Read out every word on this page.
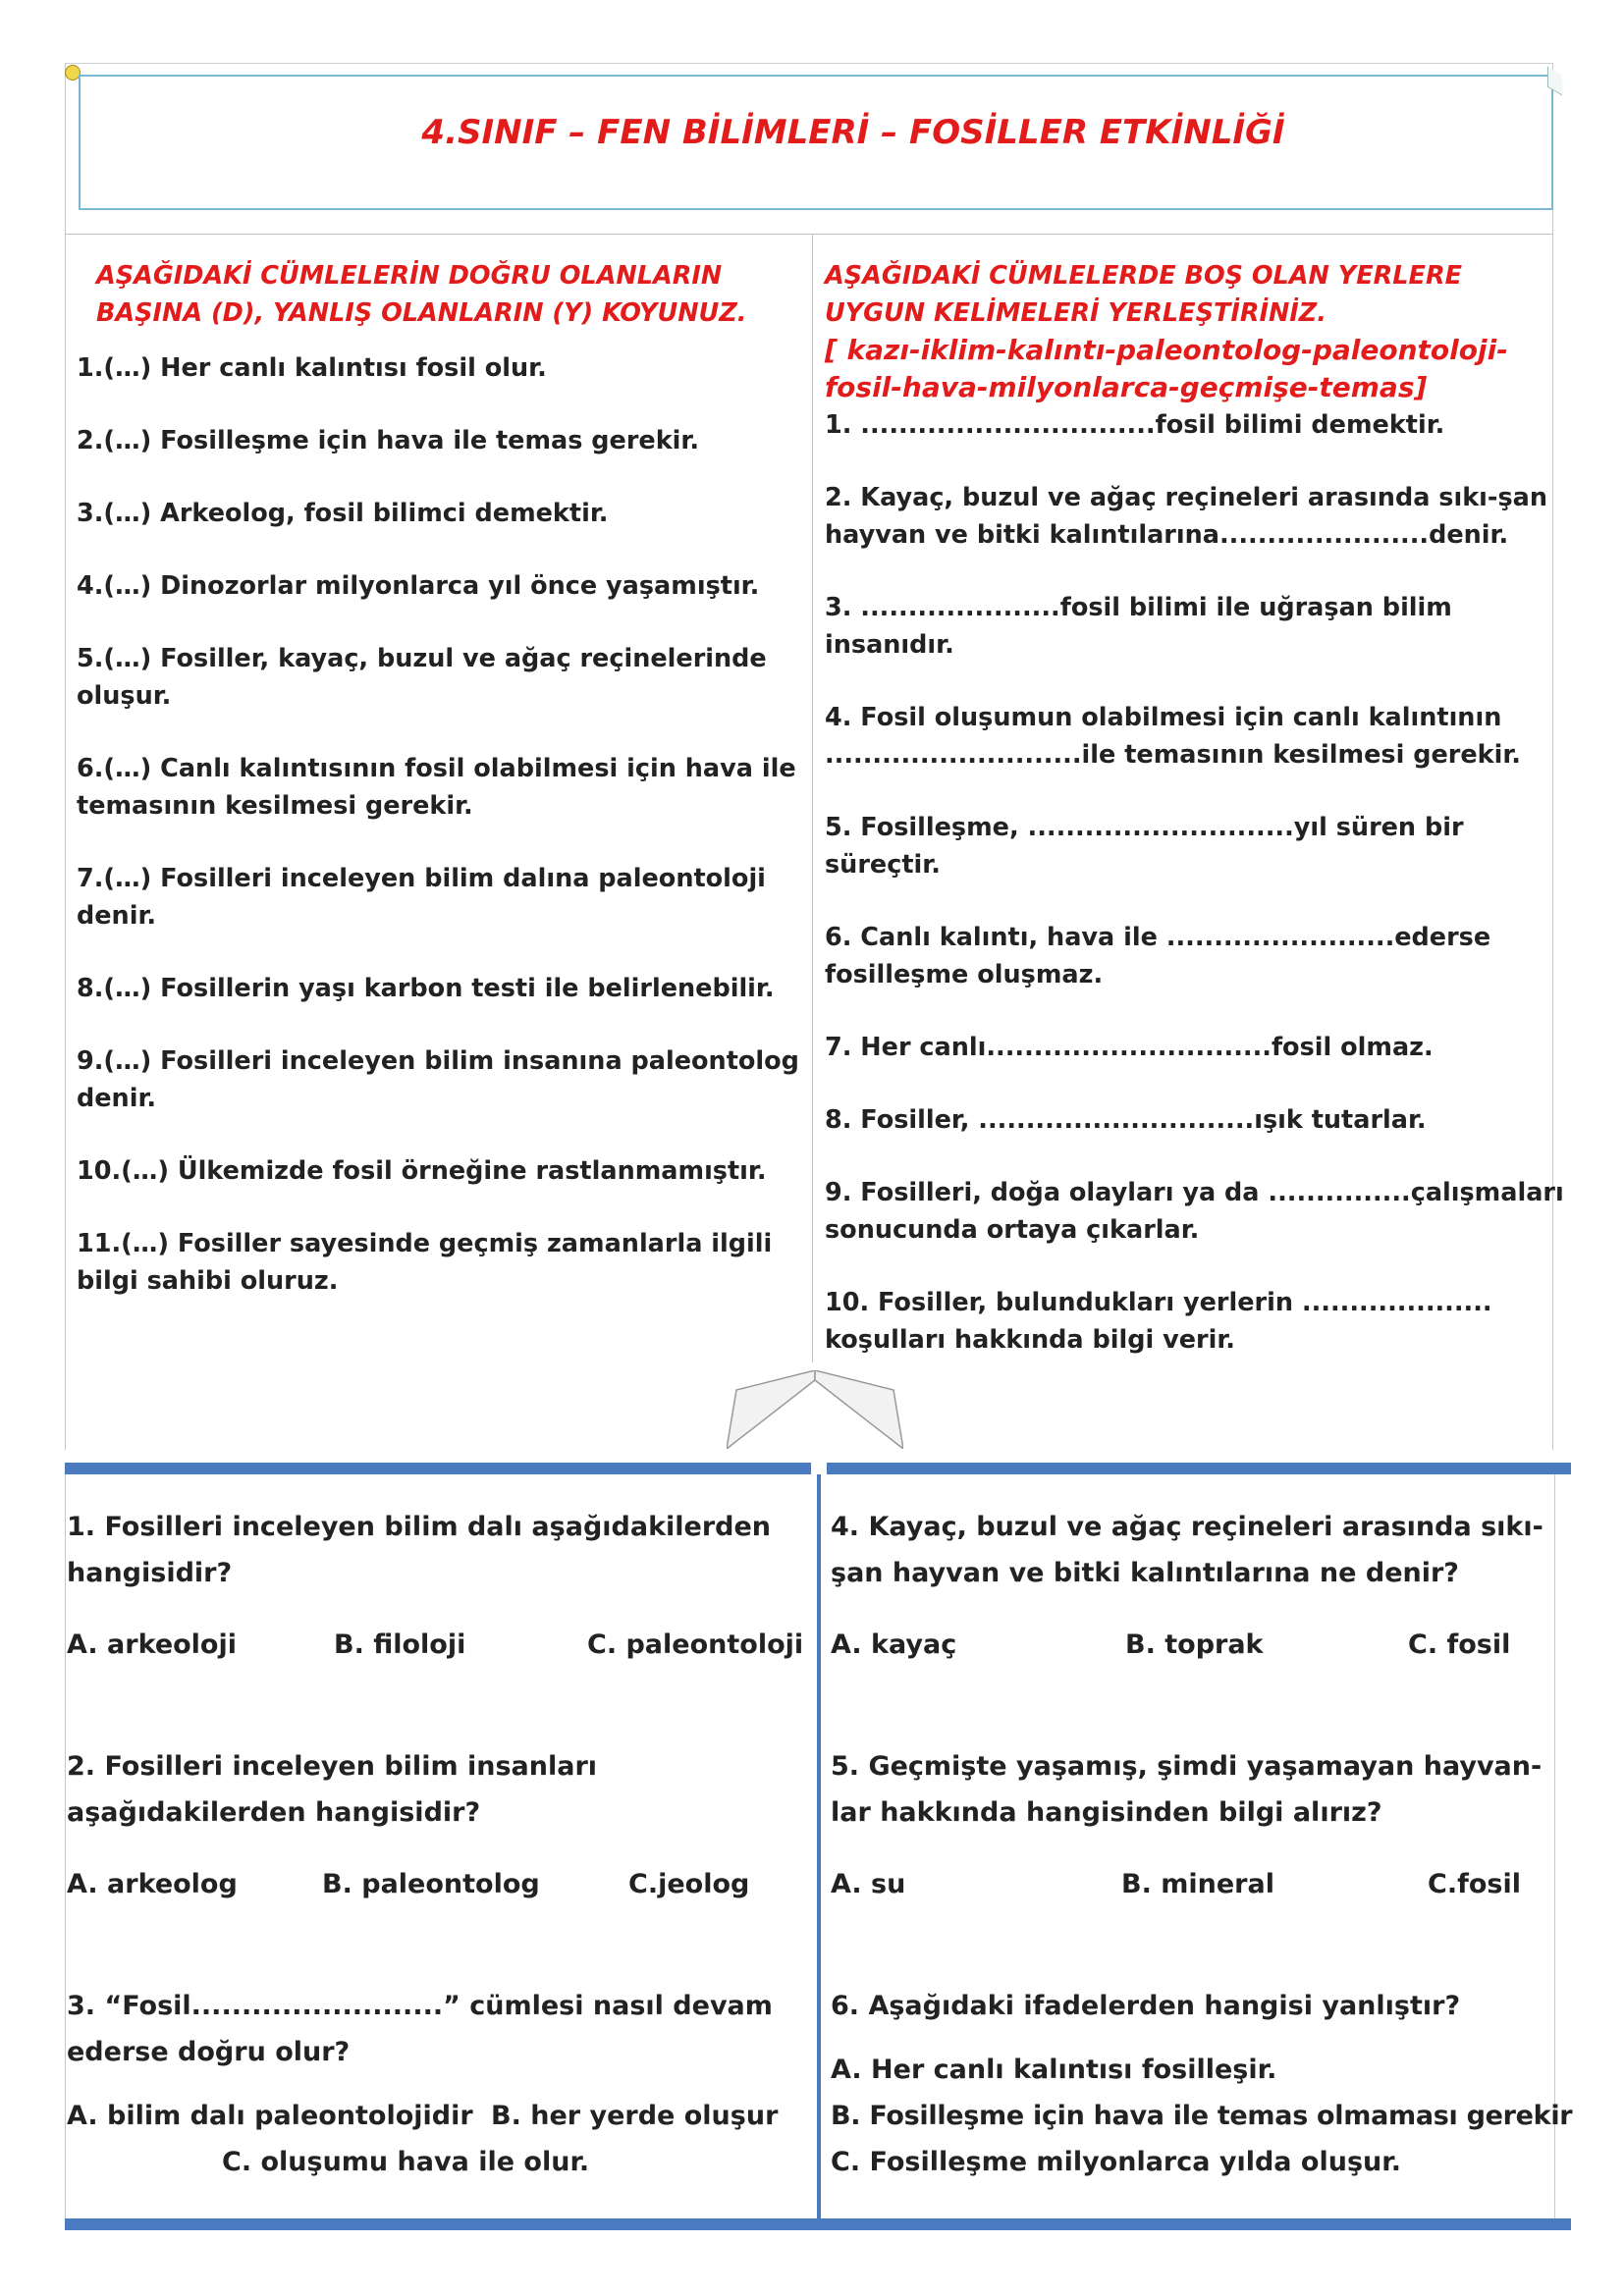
4.SINIF – FEN BİLİMLERİ – FOSİLLER ETKİNLİĞİ
AŞAĞIDAKİ CÜMLELERİN DOĞRU OLANLARIN BAŞINA (D), YANLIŞ OLANLARIN (Y) KOYUNUZ.

1.(…) Her canlı kalıntısı fosil olur.

2.(…) Fosilleşme için hava ile temas gerekir.

3.(…) Arkeolog, fosil bilimci demektir.

4.(…) Dinozorlar milyonlarca yıl önce yaşamıştır.

5.(…) Fosiller, kayaç, buzul ve ağaç reçinelerinde oluşur.

6.(…) Canlı kalıntısının fosil olabilmesi için hava ile temasının kesilmesi gerekir.

7.(…) Fosilleri inceleyen bilim dalına paleontoloji denir.

8.(…) Fosillerin yaşı karbon testi ile belirlenebilir.

9.(…) Fosilleri inceleyen bilim insanına paleontolog denir.

10.(…) Ülkemizde fosil örneğine rastlanmamıştır.

11.(…) Fosiller sayesinde geçmiş zamanlarla ilgili bilgi sahibi oluruz.

AŞAĞIDAKİ CÜMLELERDE BOŞ OLAN YERLERE UYGUN KELİMELERİ YERLEŞTİRİNİZ.
[ kazı-iklim-kalıntı-paleontolog-paleontoloji-fosil-hava-milyonlarca-geçmişe-temas]

1. ...............................fosil bilimi demektir.

2. Kayaç, buzul ve ağaç reçineleri arasında sıkı-şan hayvan ve bitki kalıntılarına......................denir.

3. .....................fosil bilimi ile uğraşan bilim insanıdır.

4. Fosil oluşumun olabilmesi için canlı kalıntının ...........................ile temasının kesilmesi gerekir.

5. Fosilleşme, ............................yıl süren bir süreçtir.

6. Canlı kalıntı, hava ile ........................ederse fosilleşme oluşmaz.

7. Her canlı..............................fosil olmaz.

8. Fosiller, .............................ışık tutarlar.

9. Fosilleri, doğa olayları ya da ...............çalışmaları sonucunda ortaya çıkarlar.

10. Fosiller, bulundukları yerlerin .................... koşulları hakkında bilgi verir.

1. Fosilleri inceleyen bilim dalı aşağıdakilerden hangisidir?

A. arkeoloji	B. filoloji	C. paleontoloji

2. Fosilleri inceleyen bilim insanları aşağıdakilerden hangisidir?

A. arkeolog	B. paleontolog	C.jeolog

3. “Fosil.........................” cümlesi nasıl devam ederse doğru olur?

A. bilim dalı paleontolojidir B. her yerde oluşur
C. oluşumu hava ile olur.

4. Kayaç, buzul ve ağaç reçineleri arasında sıkı-şan hayvan ve bitki kalıntılarına ne denir?

A. kayaç	B. toprak	C. fosil

5. Geçmişte yaşamış, şimdi yaşamayan hayvan-lar hakkında hangisinden bilgi alırız?

A. su	B. mineral	C.fosil

6. Aşağıdaki ifadelerden hangisi yanlıştır?

A. Her canlı kalıntısı fosilleşir.
B. Fosilleşme için hava ile temas olmaması gerekir
C. Fosilleşme milyonlarca yılda oluşur.
